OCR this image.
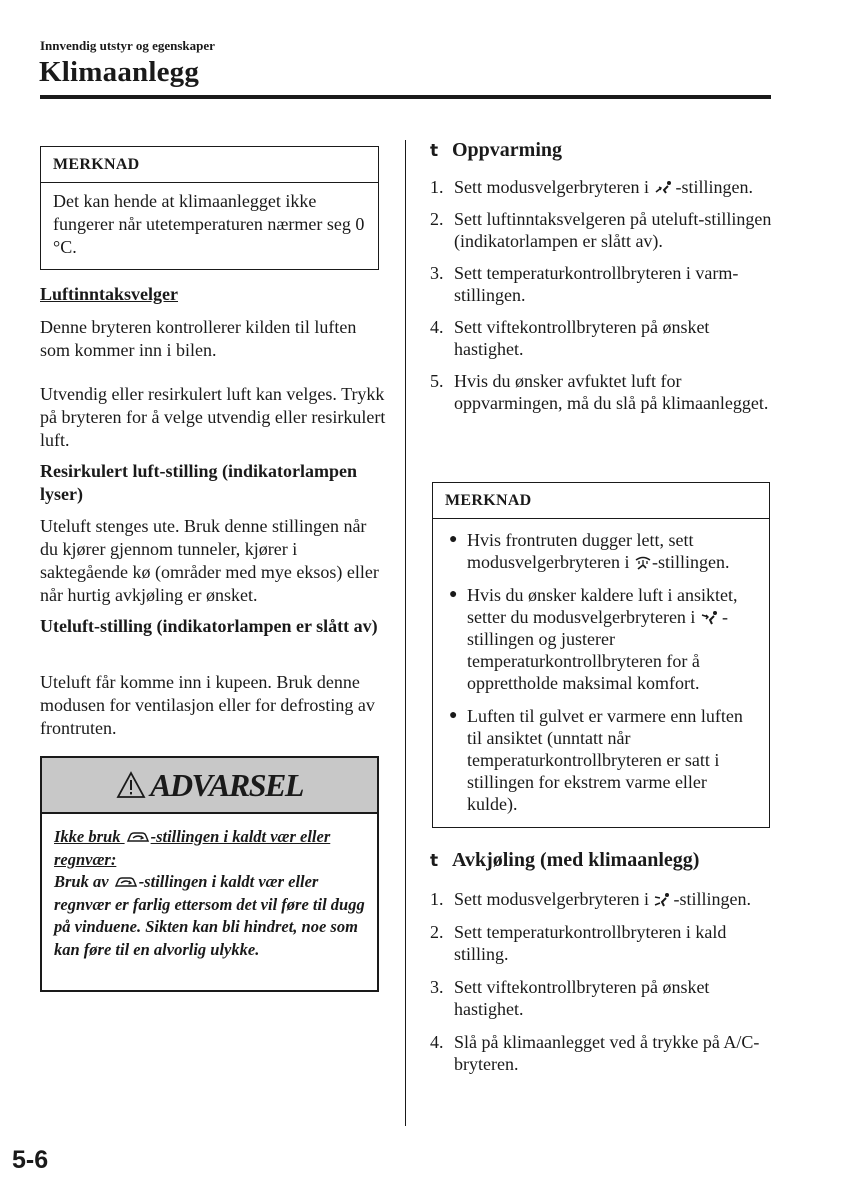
Innvendig utstyr og egenskaper
Klimaanlegg
MERKNAD
Det kan hende at klimaanlegget ikke fungerer når utetemperaturen nærmer seg 0 °C.
Luftinntaksvelger
Denne bryteren kontrollerer kilden til luften som kommer inn i bilen.
Utvendig eller resirkulert luft kan velges. Trykk på bryteren for å velge utvendig eller resirkulert luft.
Resirkulert luft-stilling (indikatorlampen lyser)
Uteluft stenges ute. Bruk denne stillingen når du kjører gjennom tunneler, kjører i saktegående kø (områder med mye eksos) eller når hurtig avkjøling er ønsket.
Uteluft-stilling (indikatorlampen er slått av)
Uteluft får komme inn i kupeen. Bruk denne modusen for ventilasjon eller for defrosting av frontruten.
ADVARSEL
Ikke bruk -stillingen i kaldt vær eller regnvær:
Bruk av -stillingen i kaldt vær eller regnvær er farlig ettersom det vil føre til dugg på vinduene. Sikten kan bli hindret, noe som kan føre til en alvorlig ulykke.
t Oppvarming
1. Sett modusvelgerbryteren i -stillingen.
2. Sett luftinntaksvelgeren på uteluft-stillingen (indikatorlampen er slått av).
3. Sett temperaturkontrollbryteren i varm-stillingen.
4. Sett viftekontrollbryteren på ønsket hastighet.
5. Hvis du ønsker avfuktet luft for oppvarmingen, må du slå på klimaanlegget.
MERKNAD
● Hvis frontruten dugger lett, sett modusvelgerbryteren i -stillingen.
● Hvis du ønsker kaldere luft i ansiktet, setter du modusvelgerbryteren i -stillingen og justerer temperaturkontrollbryteren for å opprettholde maksimal komfort.
● Luften til gulvet er varmere enn luften til ansiktet (unntatt når temperaturkontrollbryteren er satt i stillingen for ekstrem varme eller kulde).
t Avkjøling (med klimaanlegg)
1. Sett modusvelgerbryteren i -stillingen.
2. Sett temperaturkontrollbryteren i kald stilling.
3. Sett viftekontrollbryteren på ønsket hastighet.
4. Slå på klimaanlegget ved å trykke på A/C-bryteren.
5-6
